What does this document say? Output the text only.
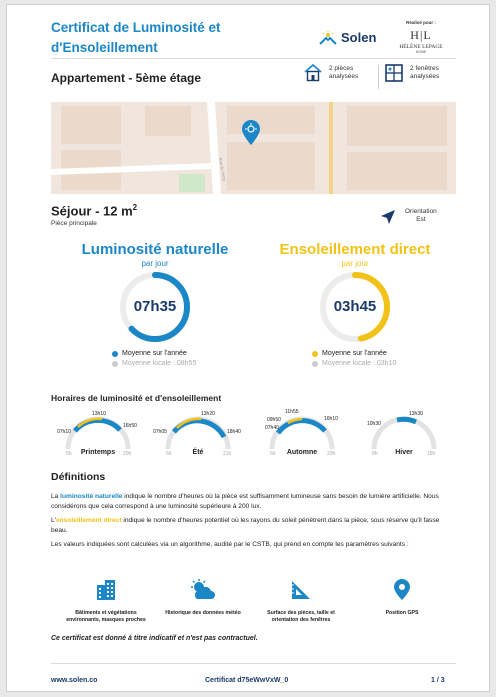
Certificat de Luminosité et d'Ensoleillement
Solen
Réalisé pour :
H|L
HÉLÈNE LEPAGE
HOME
Appartement - 5ème étage
2 pièces analysées
2 fenêtres analysées
Rue de Vichy
Séjour - 12 $m^2$
Pièce principale
Orientation
Est
Luminosité naturelle
par jour
07h35
Moyenne sur l'année
Moyenne locale : 08h55
Ensoleillement direct
par jour
03h45
Moyenne sur l'année
Moyenne locale : 03h10
Horaires de luminosité et d'ensoleillement
13h10
07h10
16h50
5h	20h
Printemps
13h20
07h05	18h40
5h	21h
Été
11h55
09h50
07h40
16h10
6h	20h
Automne
13h30
10h30
8h	18h
Hiver
Définitions
La luminosité naturelle indique le nombre d'heures où la pièce est suffisamment lumineuse sans besoin de lumière artificielle. Nous considérons que cela correspond à une luminosité supérieure à 200 lux.
L'ensoleillement direct indique le nombre d'heures potentiel où les rayons du soleil pénètrent dans la pièce, sous réserve qu'il fasse beau.
Les valeurs indiquées sont calculées via un algorithme, audité par le CSTB, qui prend en compte les paramètres suivants :
Bâtiments et végétations environnants, masques proches
Historique des données météo	Surface des pièces, taille et orientation des fenêtres
Position GPS
Ce certificat est donné à titre indicatif et n'est pas contractuel.
www.solen.co	Certificat d75eWwVxW_0	1 / 3
